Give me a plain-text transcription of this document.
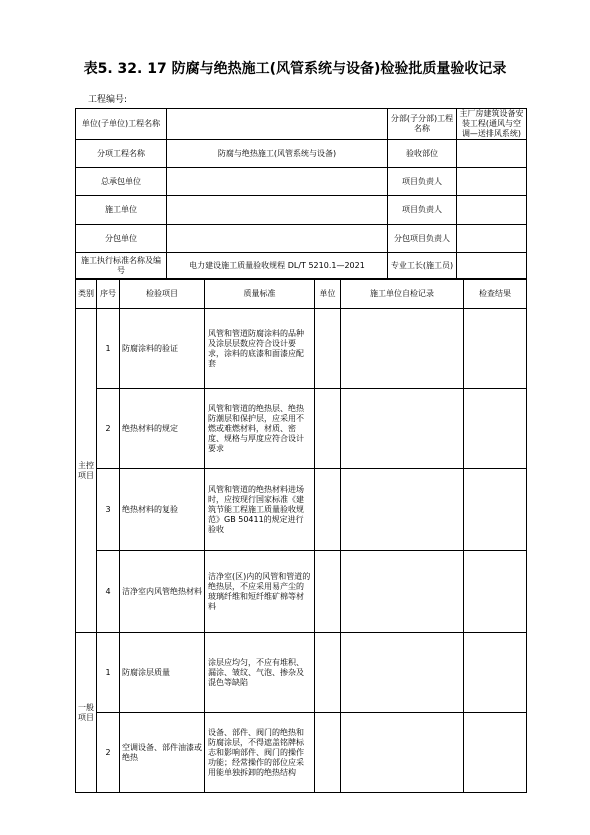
表5. 32. 17 防腐与绝热施工(风管系统与设备)检验批质量验收记录
工程编号:
单位(子单位)工程名称		分部(子分部)工程名称	主厂房建筑设备安装工程(通风与空调—送排风系统)
分项工程名称	防腐与绝热施工(风管系统与设备)	验收部位	
总承包单位		项目负责人	
施工单位		项目负责人	
分包单位		分包项目负责人	
施工执行标准名称及编号	电力建设施工质量验收规程 DL/T 5210.1—2021	专业工长(施工员)	
类别	序号	检验项目	质量标准	单位	施工单位自检记录	检查结果
主控项目	1	防腐涂料的验证	风管和管道防腐涂料的品种及涂层层数应符合设计要求，涂料的底漆和面漆应配套			
	2	绝热材料的规定	风管和管道的绝热层、绝热防潮层和保护层，应采用不燃或难燃材料，材质、密度、规格与厚度应符合设计要求			
	3	绝热材料的复验	风管和管道的绝热材料进场时，应按现行国家标准《建筑节能工程施工质量验收规范》GB 50411的规定进行验收			
	4	洁净室内风管绝热材料	洁净室(区)内的风管和管道的绝热层，不应采用易产尘的玻璃纤维和短纤维矿棉等材料			
一般项目	1	防腐涂层质量	涂层应均匀，不应有堆积、漏涂、皱纹、气泡、掺杂及混色等缺陷			
	2	空调设备、部件油漆或绝热	设备、部件、阀门的绝热和防腐涂层，不得遮盖铭牌标志和影响部件、阀门的操作功能；经常操作的部位应采用能单独拆卸的绝热结构			
